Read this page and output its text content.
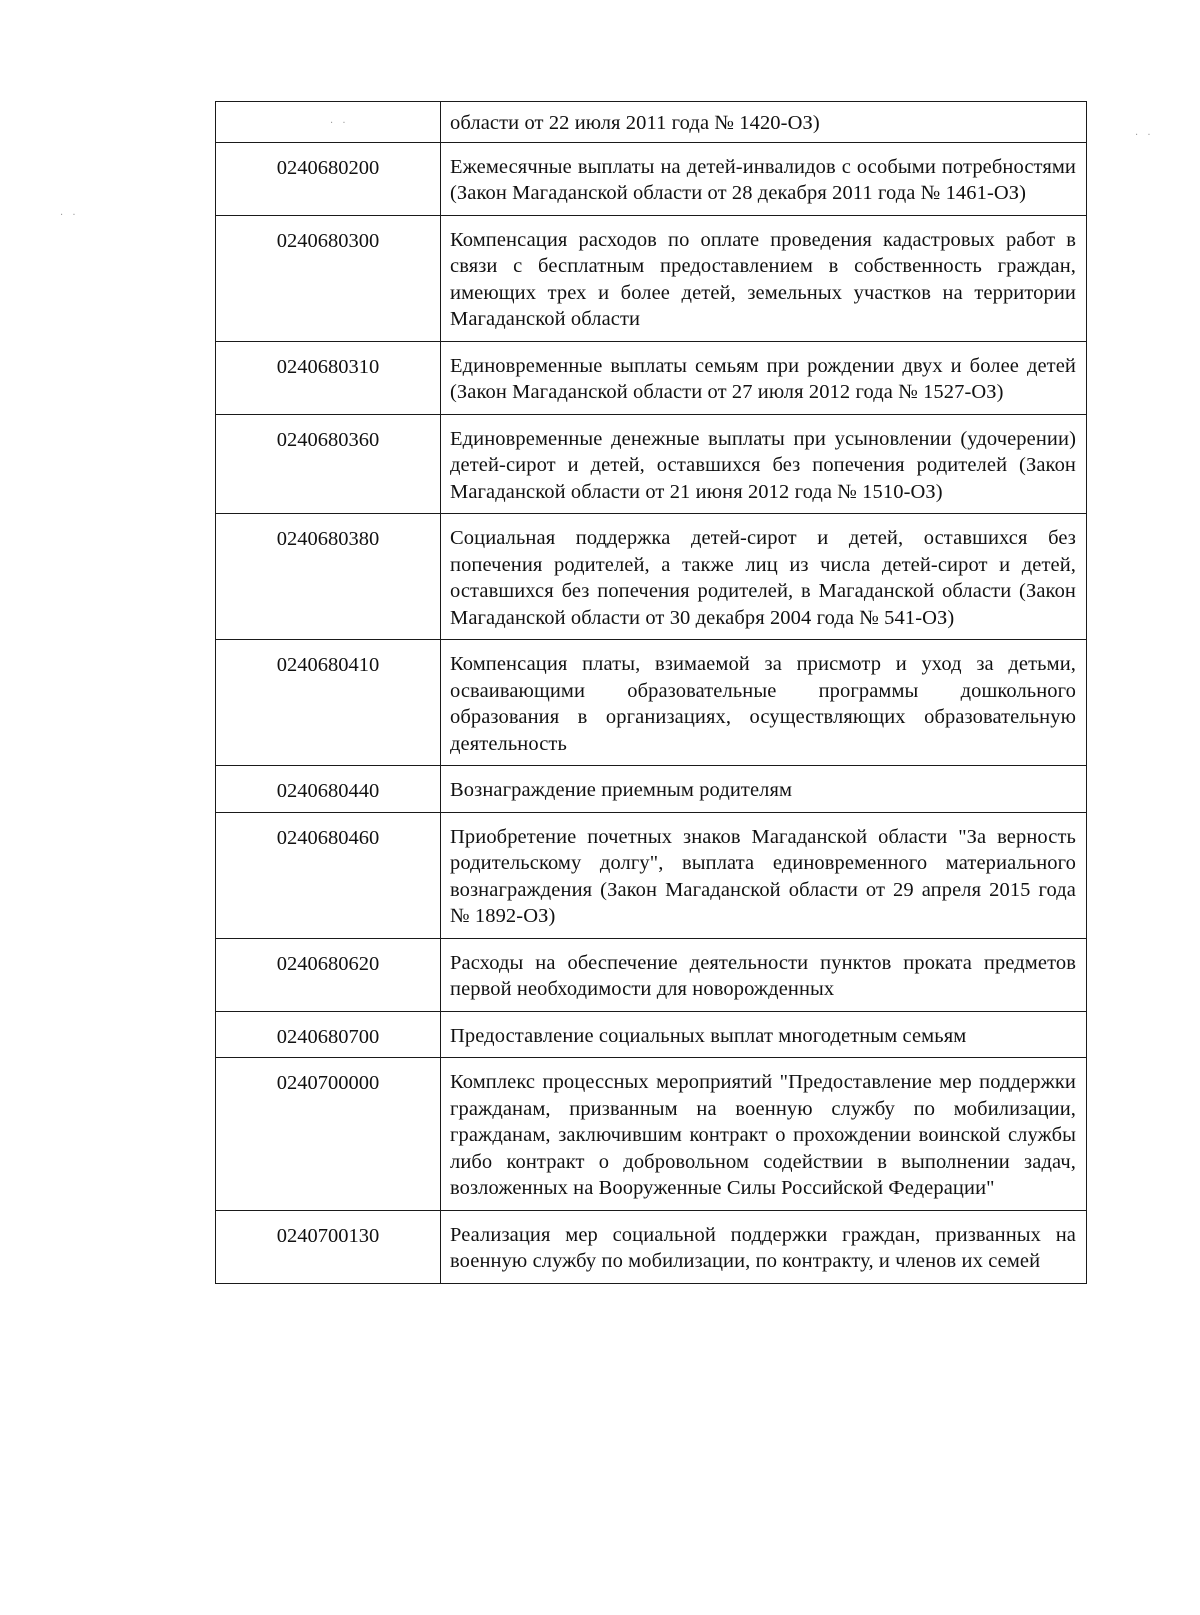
· ·
· ·
· ·
	области от 22 июля 2011 года № 1420-ОЗ)
0240680200	Ежемесячные выплаты на детей-инвалидов с особыми потребностями (Закон Магаданской области от 28 декабря 2011 года № 1461-ОЗ)
0240680300	Компенсация расходов по оплате проведения кадастровых работ в связи с бесплатным предоставлением в собственность граждан, имеющих трех и более детей, земельных участков на территории Магаданской области
0240680310	Единовременные выплаты семьям при рождении двух и более детей (Закон Магаданской области от 27 июля 2012 года № 1527-ОЗ)
0240680360	Единовременные денежные выплаты при усыновлении (удочерении) детей-сирот и детей, оставшихся без попечения родителей (Закон Магаданской области от 21 июня 2012 года № 1510-ОЗ)
0240680380	Социальная поддержка детей-сирот и детей, оставшихся без попечения родителей, а также лиц из числа детей-сирот и детей, оставшихся без попечения родителей, в Магаданской области (Закон Магаданской области от 30 декабря 2004 года № 541-ОЗ)
0240680410	Компенсация платы, взимаемой за присмотр и уход за детьми, осваивающими образовательные программы дошкольного образования в организациях, осуществляющих образовательную деятельность
0240680440	Вознаграждение приемным родителям
0240680460	Приобретение почетных знаков Магаданской области "За верность родительскому долгу", выплата единовременного материального вознаграждения (Закон Магаданской области от 29 апреля 2015 года № 1892-ОЗ)
0240680620	Расходы на обеспечение деятельности пунктов проката предметов первой необходимости для новорожденных
0240680700	Предоставление социальных выплат многодетным семьям
0240700000	Комплекс процессных мероприятий "Предоставление мер поддержки гражданам, призванным на военную службу по мобилизации, гражданам, заключившим контракт о прохождении воинской службы либо контракт о добровольном содействии в выполнении задач, возложенных на Вооруженные Силы Российской Федерации"
0240700130	Реализация мер социальной поддержки граждан, призванных на военную службу по мобилизации, по контракту, и членов их семей
